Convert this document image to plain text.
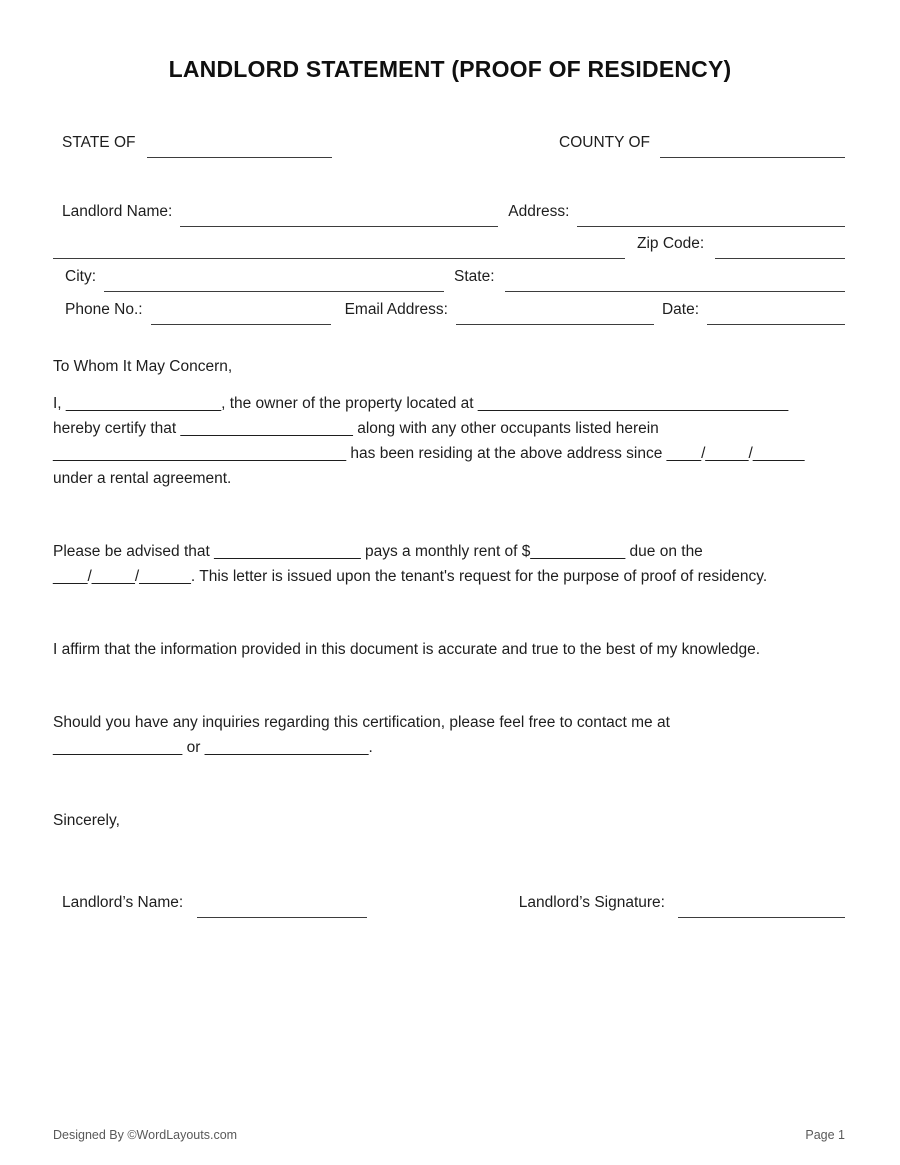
LANDLORD STATEMENT (PROOF OF RESIDENCY)
STATE OF	COUNTY OF
Landlord Name:	Address:
Zip Code:
City:	State:
Phone No.:	Email Address:	Date:
To Whom It May Concern,
I, __________________, the owner of the property located at ____________________________________
hereby certify that ____________________ along with any other occupants listed herein
__________________________________ has been residing at the above address since ____/_____/______
under a rental agreement.
Please be advised that _________________ pays a monthly rent of $___________ due on the
____/_____/______. This letter is issued upon the tenant's request for the purpose of proof of residency.
I affirm that the information provided in this document is accurate and true to the best of my knowledge.
Should you have any inquiries regarding this certification, please feel free to contact me at
_______________ or ___________________.
Sincerely,
Landlord’s Name:	Landlord’s Signature:
Designed By ©WordLayouts.com	Page 1
